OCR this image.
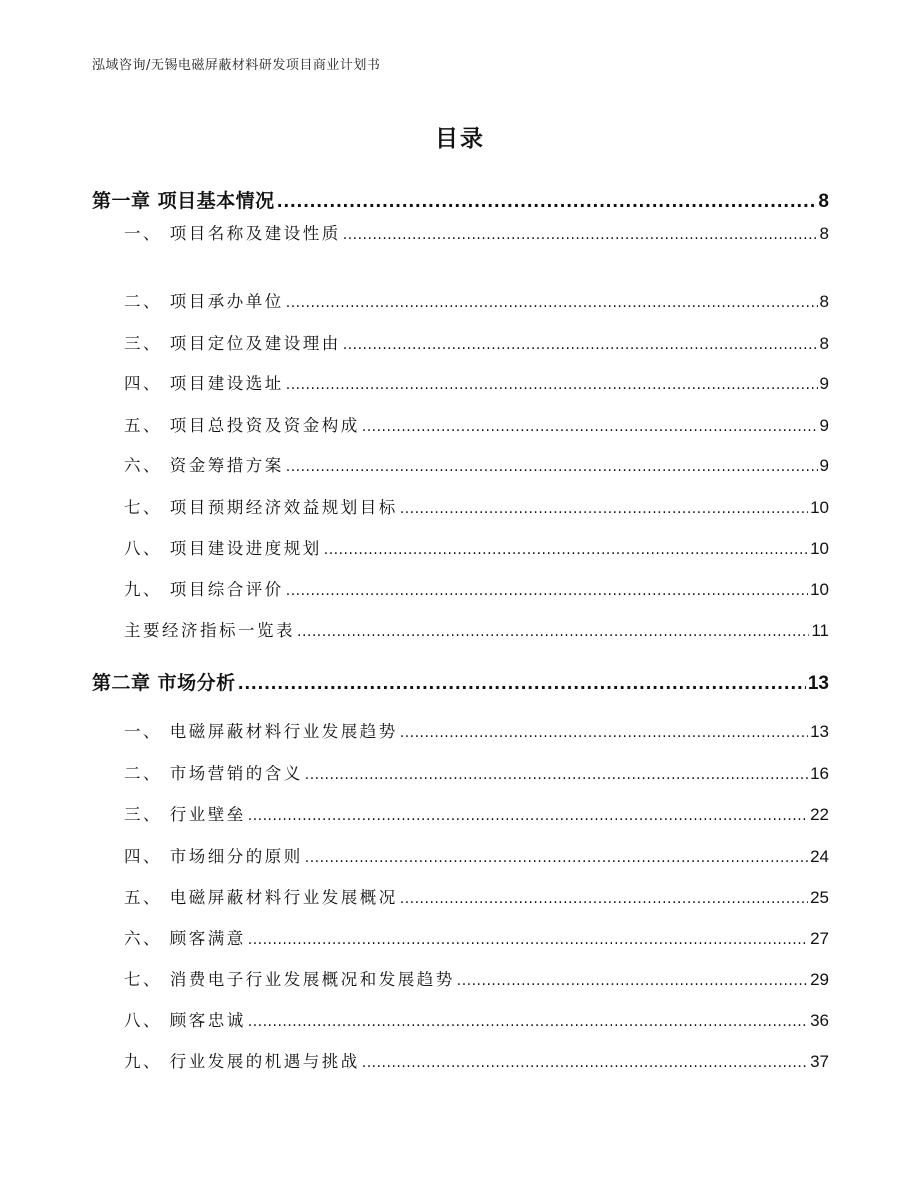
泓域咨询/无锡电磁屏蔽材料研发项目商业计划书
目录
第一章 项目基本情况 .....	8
一、 项目名称及建设性质 .....	8
二、 项目承办单位 .....	8
三、 项目定位及建设理由 .....	8
四、 项目建设选址 .....	9
五、 项目总投资及资金构成 .....	9
六、 资金筹措方案 .....	9
七、 项目预期经济效益规划目标 .....	10
八、 项目建设进度规划 .....	10
九、 项目综合评价 .....	10
主要经济指标一览表 .....	11
第二章 市场分析 .....	13
一、 电磁屏蔽材料行业发展趋势 .....	13
二、 市场营销的含义 .....	16
三、 行业壁垒 .....	22
四、 市场细分的原则 .....	24
五、 电磁屏蔽材料行业发展概况 .....	25
六、 顾客满意 .....	27
七、 消费电子行业发展概况和发展趋势 .....	29
八、 顾客忠诚 .....	36
九、 行业发展的机遇与挑战 .....	37
